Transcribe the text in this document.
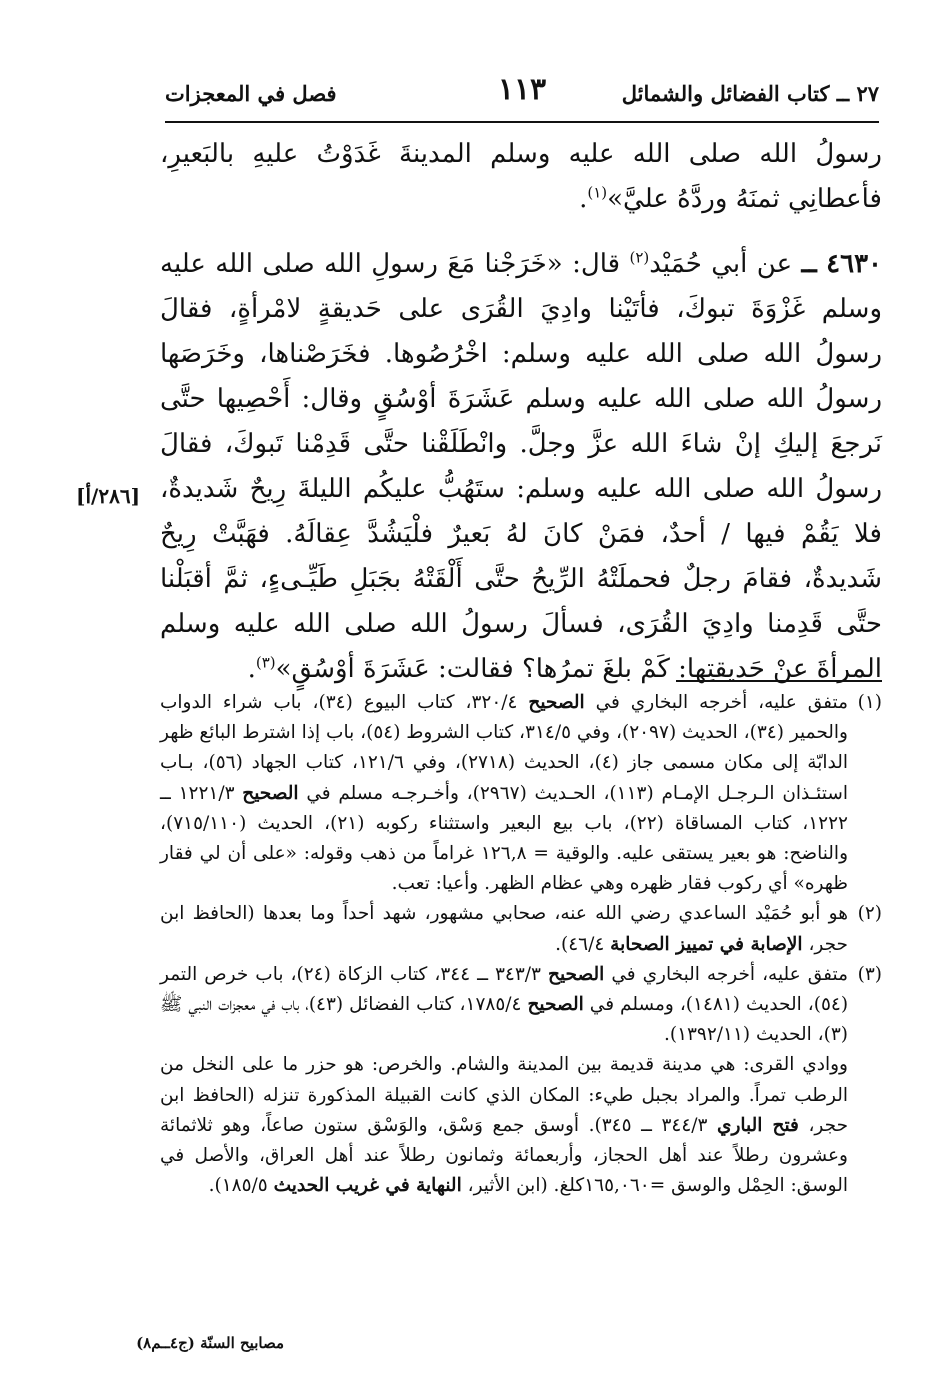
٢٧ ــ كتاب الفضائل والشمائل
١١٣
فصل في المعجزات

رسولُ الله صلى الله عليه وسلم المدينةَ غَدَوْتُ عليهِ بالبَعيرِ، فأعطانِي ثمنَهُ وردَّهُ عليَّ»$^{(١)}$.

٤٦٣٠ ــ عن أبي حُمَيْد$^{(٢)}$ قال: «خَرَجْنا مَعَ رسولِ الله صلى الله عليه وسلم غَزْوَةَ تبوكَ، فأتَيْنا وادِيَ القُرَى على حَديقةٍ لامْرأةٍ، فقالَ رسولُ الله صلى الله عليه وسلم: اخْرُصُوها. فخَرَصْناها، وخَرَصَها رسولُ الله صلى الله عليه وسلم عَشَرَةَ أوْسُقٍ وقال: أَحْصِيها حتَّى نَرجعَ إليكِ إنْ شاءَ الله عزَّ وجلَّ. وانْطَلَقْنا حتَّى قَدِمْنا تَبوكَ، فقالَ رسولُ الله صلى الله عليه وسلم: ستَهُبُّ عليكُم الليلةَ رِيحٌ شَديدةٌ، فلا يَقُمْ فيها / أحدٌ، فمَنْ كانَ لهُ بَعيرٌ فلْيَشُدَّ عِقالَهُ. فهَبَّتْ رِيحٌ شَديدةٌ، فقامَ رجلٌ فحملَتْهُ الرِّيحُ حتَّى أَلْقَتْهُ بجَبَلِ طَيِّـىءٍ، ثمَّ أقبَلْنا حتَّى قَدِمنا وادِيَ القُرَى، فسألَ رسولُ الله صلى الله عليه وسلم المرأةَ عنْ حَديقتِها: كَمْ بلغَ تمرُها؟ فقالت: عَشَرَةَ أوْسُقٍ»$^{(٣)}$.

[٢٨٦/أ]
(١)
متفق عليه، أخرجه البخاري في الصحيح ٣٢٠/٤، كتاب البيوع (٣٤)، باب شراء الدواب والحمير (٣٤)، الحديث (٢٠٩٧)، وفي ٣١٤/٥، كتاب الشروط (٥٤)، باب إذا اشترط البائع ظهر الدابّة إلى مكان مسمى جاز (٤)، الحديث (٢٧١٨)، وفي ١٢١/٦، كتاب الجهاد (٥٦)، بـاب استئـذان الـرجـل الإمـام (١١٣)، الحـديث (٢٩٦٧)، وأخـرجـه مسلم في الصحيح ١٢٢١/٣ ــ ١٢٢٢، كتاب المساقاة (٢٢)، باب بيع البعير واستثناء ركوبه (٢١)، الحديث (٧١٥/١١٠)، والناضح: هو بعير يستقى عليه. والوقية = ١٢٦,٨ غراماً من ذهب وقوله: «على أن لي فقار ظهره» أي ركوب فقار ظهره وهي عظام الظهر. وأعيا: تعب.
(٢)
هو أبو حُمَيْد الساعدي رضي الله عنه، صحابي مشهور، شهد أحداً وما بعدها (الحافظ ابن حجر، الإصابة في تمييز الصحابة ٤٦/٤).
(٣)
متفق عليه، أخرجه البخاري في الصحيح ٣٤٣/٣ ــ ٣٤٤، كتاب الزكاة (٢٤)، باب خرص التمر (٥٤)، الحديث (١٤٨١)، ومسلم في الصحيح ١٧٨٥/٤، كتاب الفضائل (٤٣)، باب في معجزات النبي ﷺ (٣)، الحديث (١٣٩٢/١١).
ووادي القرى: هي مدينة قديمة بين المدينة والشام. والخرص: هو حزر ما على النخل من الرطب تمراً. والمراد بجبل طيء: المكان الذي كانت القبيلة المذكورة تنزله (الحافظ ابن حجر، فتح الباري ٣٤٤/٣ ــ ٣٤٥). أوسق جمع وَسْق، والوَسْق ستون صاعاً، وهو ثلاثمائة وعشرون رطلاً عند أهل الحجاز، وأربعمائة وثمانون رطلاً عند أهل العراق، والأصل في الوسق: الحِمْل والوسق =١٦٥,٠٦٠كلغ. (ابن الأثير، النهاية في غريب الحديث ١٨٥/٥).
مصابيح السنّة (ج٤ــم٨)
